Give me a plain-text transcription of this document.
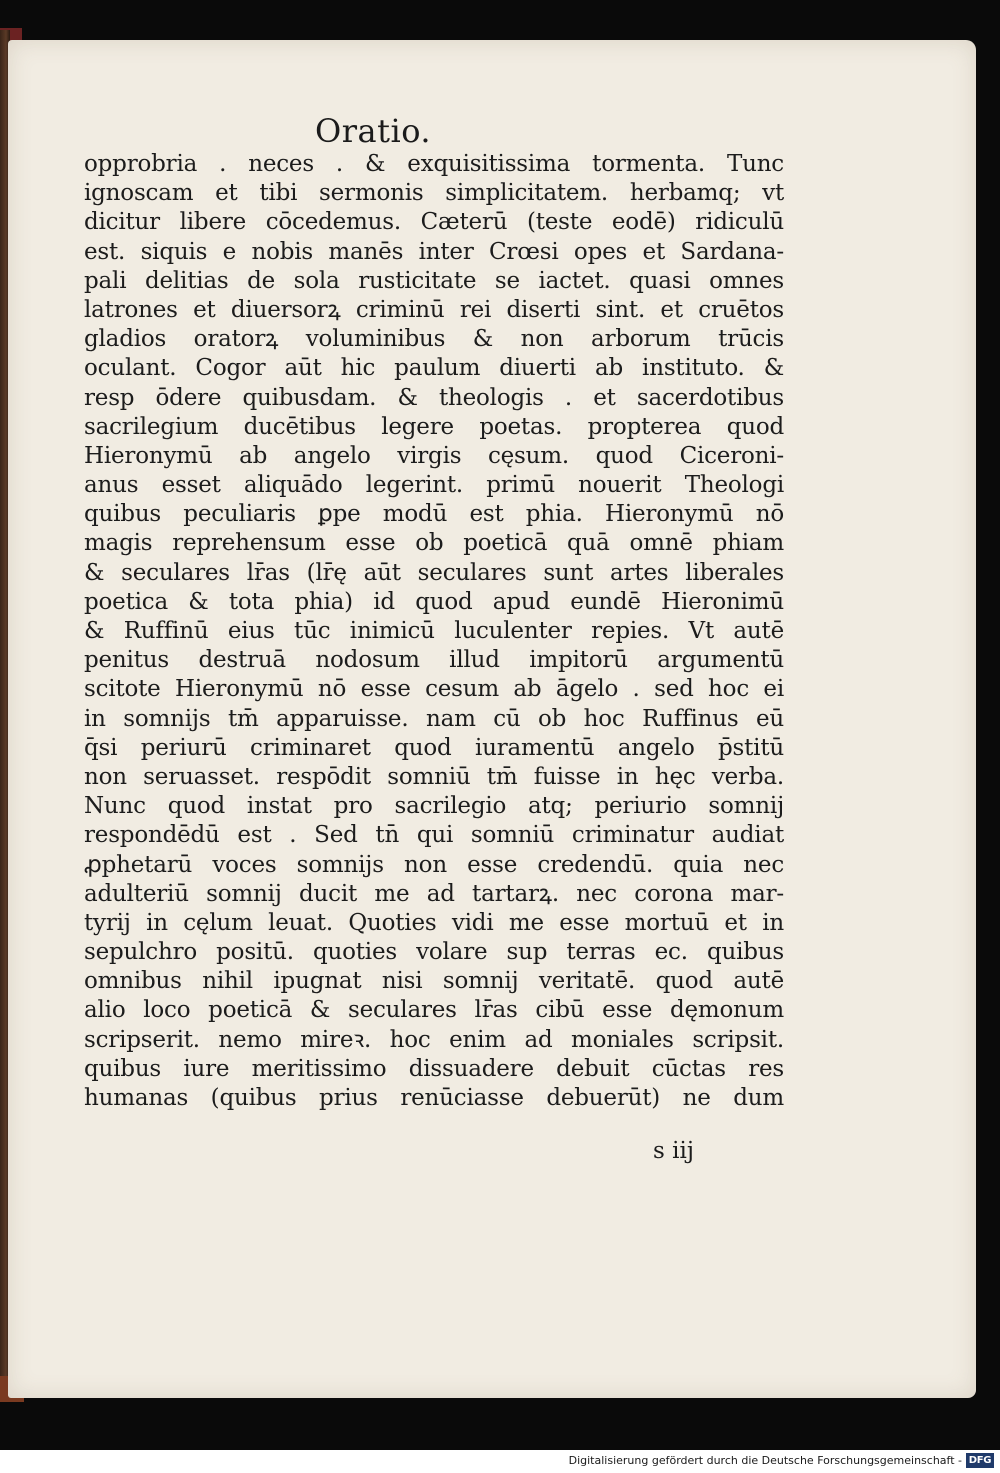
Oratio.
opprobria . neces . & exquisitissima tormenta. Tunc
ignoscam et tibi sermonis simplicitatem. herbamq; vt
dicitur libere cōcedemus. Cæterū (teste eodē) ridiculū
est. siquis e nobis manēs inter Crœsi opes et Sardana-
pali delitias de sola rusticitate se iactet. quasi omnes
latrones et diuersorꝝ criminū rei diserti sint. et cruētos
gladios oratorꝝ voluminibus & non arborum trūcis
oculant. Cogor aūt hic paulum diuerti ab instituto. &
resp ōdere quibusdam. & theologis . et sacerdotibus
sacrilegium ducētibus legere poetas. propterea quod
Hieronymū ab angelo virgis cęsum. quod Ciceroni-
anus esset aliquādo legerint. primū nouerit Theologi
quibus peculiaris ꝑpe modū est phia. Hieronymū nō
magis reprehensum esse ob poeticā quā omnē phiam
& seculares lr̄as (lr̄ę aūt seculares sunt artes liberales
poetica & tota phia) id quod apud eundē Hieronimū
& Ruffinū eius tūc inimicū luculenter repies. Vt autē
penitus destruā nodosum illud impitorū argumentū
scitote Hieronymū nō esse cesum ab āgelo . sed hoc ei
in somnijs tm̄ apparuisse. nam cū ob hoc Ruffinus eū
q̄si periurū criminaret quod iuramentū angelo p̄stitū
non seruasset. respōdit somniū tm̄ fuisse in hęc verba.
Nunc quod instat pro sacrilegio atq; periurio somnij
respondēdū est . Sed tn̄ qui somniū criminatur audiat
ꝓphetarū voces somnijs non esse credendū. quia nec
adulteriū somnij ducit me ad tartarꝝ. nec corona mar-
tyrij in cęlum leuat. Quoties vidi me esse mortuū et in
sepulchro positū. quoties volare sup terras ec. quibus
omnibus nihil ipugnat nisi somnij veritatē. quod autē
alio loco poeticā & seculares lr̄as cibū esse dęmonum
scripserit. nemo mireꝛ. hoc enim ad moniales scripsit.
quibus iure meritissimo dissuadere debuit cūctas res
humanas (quibus prius renūciasse debuerūt) ne dum
s iij
Digitalisierung gefördert durch die Deutsche Forschungsgemeinschaft - DFG
